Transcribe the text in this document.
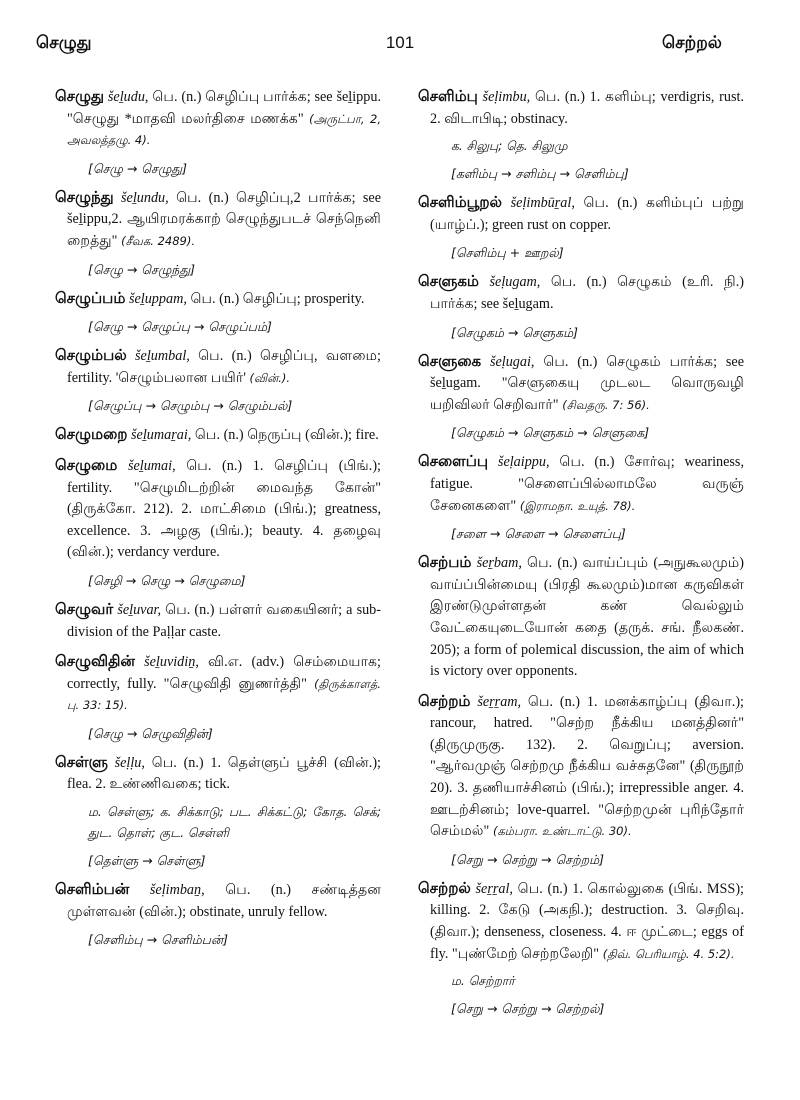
செழுது	101	செற்றல்
செழுது šeḻudu, பெ. (n.) செழிப்பு பார்க்க; see šeḻippu. "செழுது *மாதவி மலர்திசை மணக்க" (அருட்பா, 2, அவலத்தழு. 4).
[செழு → செழுது]
செழுந்து šeḻundu, பெ. (n.) செழிப்பு,2 பார்க்க; see šeḻippu,2. ஆயிரமரக்காற் செழுந்துபடச் செந்நெனி றைத்து" (சீவக. 2489).
[செழு → செழுந்து]
செழுப்பம் šeḻuppam, பெ. (n.) செழிப்பு; prosperity.
[செழு → செழுப்பு → செழுப்பம்]
செழும்பல் šeḻumbal, பெ. (n.) செழிப்பு, வளமை; fertility. 'செழும்பலான பயிர்' (வின்.).
[செழுப்பு → செழும்பு → செழும்பல்]
செழுமறை šeḻumaṟai, பெ. (n.) நெருப்பு (வின்.); fire.
செழுமை šeḻumai, பெ. (n.) 1. செழிப்பு (பிங்.); fertility. "செழுமிடற்றின் மைவந்த கோன்" (திருக்கோ. 212). 2. மாட்சிமை (பிங்.); greatness, excellence. 3. அழகு (பிங்.); beauty. 4. தழைவு (வின்.); verdancy verdure.
[செழி → செழு → செழுமை]
செழுவர் šeḻuvar, பெ. (n.) பள்ளர் வகையினர்; a sub-division of the Paḷḷar caste.
செழுவிதின் šeḻuvidiṉ, வி.எ. (adv.) செம்மையாக; correctly, fully. "செழுவிதி னுணர்த்தி" (திருக்காளத். பு. 33: 15).
[செழு → செழுவிதின்]
செள்ளு šeḷḷu, பெ. (n.) 1. தெள்ளுப் பூச்சி (வின்.); flea. 2. உண்ணிவகை; tick.
ம. செள்ளு; க. சிக்காடு; பட. சிக்கட்டு; கோத. செக்; துட. தொள்; குட. செள்ளி
[தெள்ளு → செள்ளு]
செளிம்பன் šeḷimbaṉ, பெ. (n.) சண்டித்தன முள்ளவன் (வின்.); obstinate, unruly fellow.
[செளிம்பு → செளிம்பன்]
செளிம்பு šeḷimbu, பெ. (n.) 1. களிம்பு; verdigris, rust. 2. விடாபிடி; obstinacy.
க. சிலுபு; தெ. சிலுமு
[களிம்பு → சளிம்பு → செளிம்பு]
செளிம்பூறல் šeḷimbūṟal, பெ. (n.) களிம்புப் பற்று (யாழ்ப்.); green rust on copper.
[செளிம்பு + ஊறல்]
செளுகம் šeḷugam, பெ. (n.) செழுகம் (உரி. நி.) பார்க்க; see šeḻugam.
[செழுகம் → செளுகம்]
செளுகை šeḷugai, பெ. (n.) செழுகம் பார்க்க; see šeḻugam. "செளுகையு முடலட வொருவழி யறிவிலர் செறிவார்" (சிவதரு. 7: 56).
[செழுகம் → செளுகம் → செளுகை]
செளைப்பு šeḷaippu, பெ. (n.) சோர்வு; weariness, fatigue. "செளைப்பில்லாமலே வருஞ் சேனைகளை" (இராமநா. உயுத். 78).
[சளை → செளை → செளைப்பு]
செற்பம் šeṟbam, பெ. (n.) வாய்ப்பும் (அநுகூலமும்) வாய்ப்பின்மையு (பிரதி கூலமும்)மான கருவிகள் இரண்டுமுள்ளதன் கண் வெல்லும் வேட்கையுடையோன் கதை (தருக். சங். நீலகண். 205); a form of polemical discussion, the aim of which is victory over opponents.
செற்றம் šeṟṟam, பெ. (n.) 1. மனக்காழ்ப்பு (திவா.); rancour, hatred. "செற்ற நீக்கிய மனத்தினர்" (திருமுருகு. 132). 2. வெறுப்பு; aversion. "ஆர்வமுஞ் செற்றமு நீக்கிய வச்சுதனே" (திருநூற் 20). 3. தணியாச்சினம் (பிங்.); irrepressible anger. 4. ஊடற்சினம்; love-quarrel. "செற்றமுன் புரிந்தோர் செம்மல்" (கம்பரா. உண்டாட்டு. 30).
[செறு → செற்று → செற்றம்]
செற்றல் šeṟṟal, பெ. (n.) 1. கொல்லுகை (பிங். MSS); killing. 2. கேடு (அகநி.); destruction. 3. செறிவு. (திவா.); denseness, closeness. 4. ஈ முட்டை; eggs of fly. "புண்மேற் செற்றலேறி" (திவ். பெரியாழ். 4. 5:2).
ம. செற்றார்
[செறு → செற்று → செற்றல்]
